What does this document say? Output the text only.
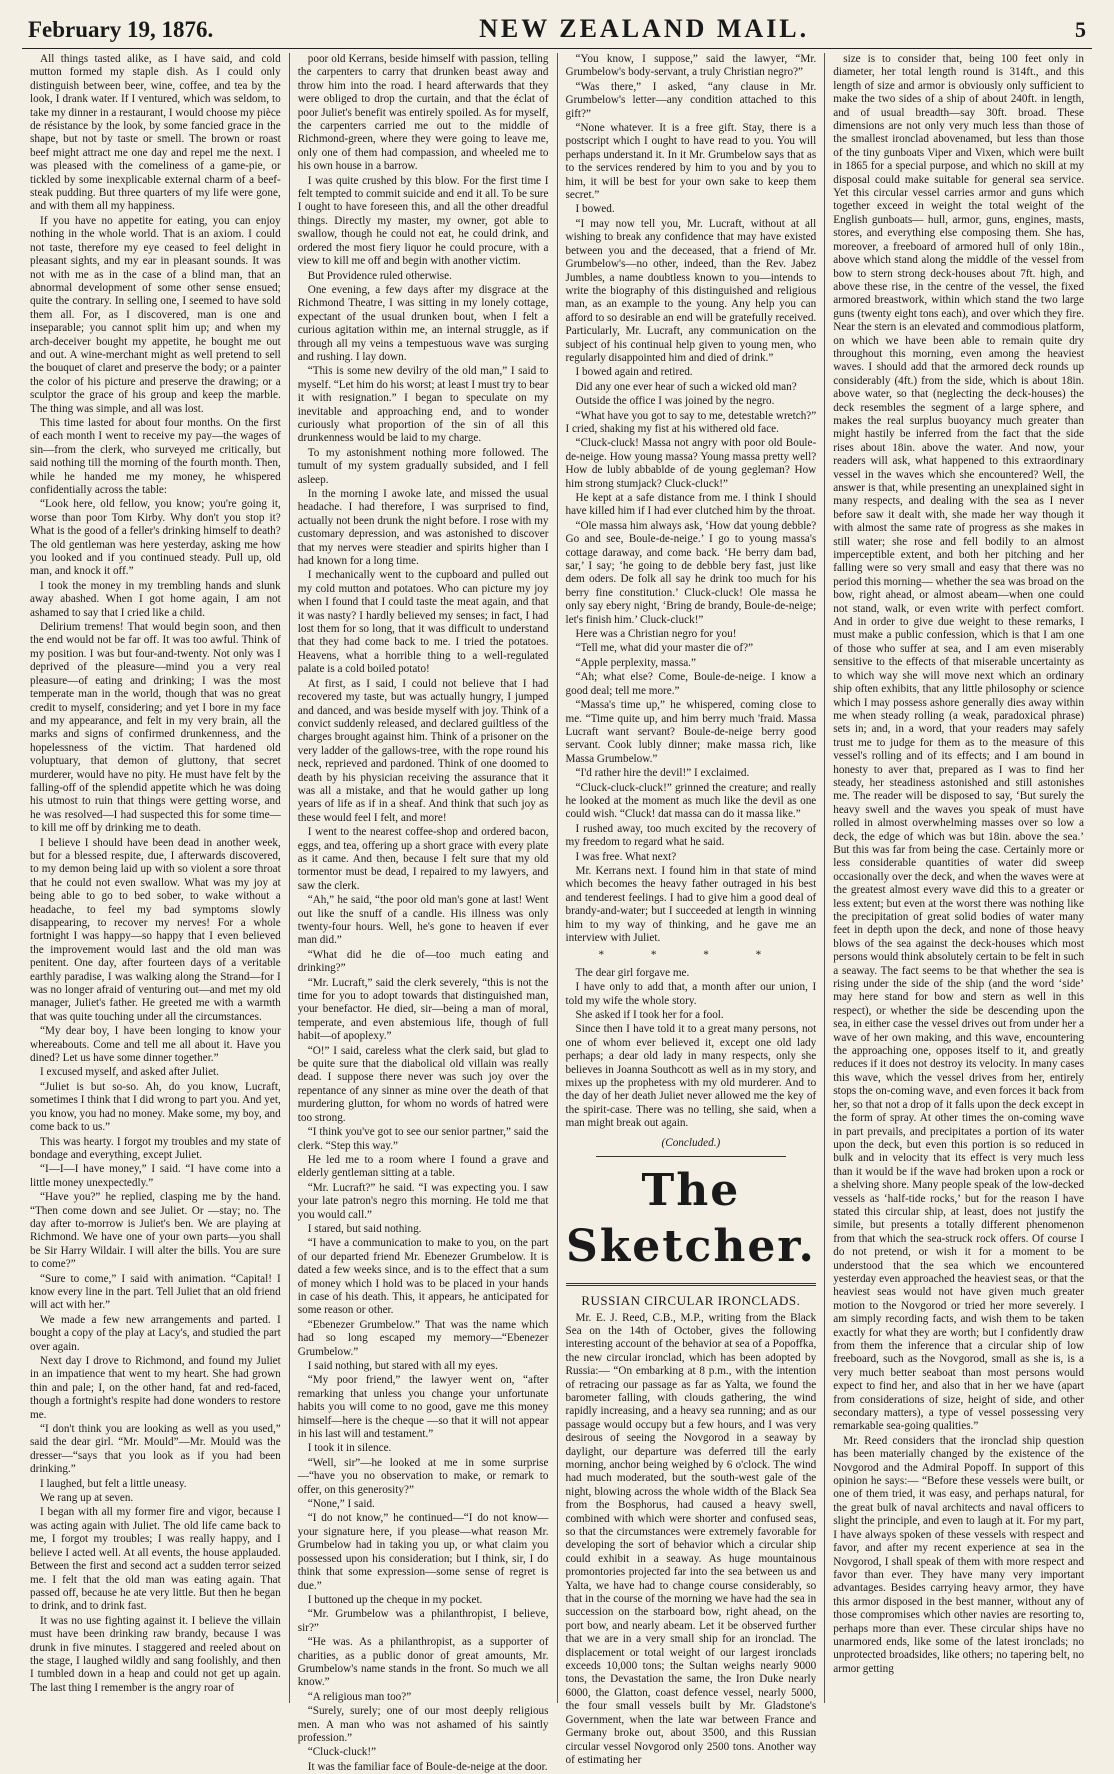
February 19, 1876.	NEW ZEALAND MAIL.	5

All things tasted alike, as I have said, and cold mutton formed my staple dish. As I could only distinguish between beer, wine, coffee, and tea by the look, I drank water. If I ventured, which was seldom, to take my dinner in a restaurant, I would choose my pièce de résistance by the look, by some fancied grace in the shape, but not by taste or smell. The brown or roast beef might attract me one day and repel me the next. I was pleased with the comeliness of a game-pie, or tickled by some inexplicable external charm of a beef-steak pudding. But three quarters of my life were gone, and with them all my happiness.

If you have no appetite for eating, you can enjoy nothing in the whole world. That is an axiom. I could not taste, therefore my eye ceased to feel delight in pleasant sights, and my ear in pleasant sounds. It was not with me as in the case of a blind man, that an abnormal development of some other sense ensued; quite the contrary. In selling one, I seemed to have sold them all. For, as I discovered, man is one and inseparable; you cannot split him up; and when my arch-deceiver bought my appetite, he bought me out and out. A wine-merchant might as well pretend to sell the bouquet of claret and preserve the body; or a painter the color of his picture and preserve the drawing; or a sculptor the grace of his group and keep the marble. The thing was simple, and all was lost.

This time lasted for about four months. On the first of each month I went to receive my pay—the wages of sin—from the clerk, who surveyed me critically, but said nothing till the morning of the fourth month. Then, while he handed me my money, he whispered confidentially across the table:

“Look here, old fellow, you know; you're going it, worse than poor Tom Kirby. Why don't you stop it? What is the good of a feller's drinking himself to death? The old gentleman was here yesterday, asking me how you looked and if you continued steady. Pull up, old man, and knock it off.”

I took the money in my trembling hands and slunk away abashed. When I got home again, I am not ashamed to say that I cried like a child.

Delirium tremens! That would begin soon, and then the end would not be far off. It was too awful. Think of my position. I was but four-and-twenty. Not only was I deprived of the pleasure—mind you a very real pleasure—of eating and drinking; I was the most temperate man in the world, though that was no great credit to myself, considering; and yet I bore in my face and my appearance, and felt in my very brain, all the marks and signs of confirmed drunkenness, and the hopelessness of the victim. That hardened old voluptuary, that demon of gluttony, that secret murderer, would have no pity. He must have felt by the falling-off of the splendid appetite which he was doing his utmost to ruin that things were getting worse, and he was resolved—I had suspected this for some time—to kill me off by drinking me to death.

I believe I should have been dead in another week, but for a blessed respite, due, I afterwards discovered, to my demon being laid up with so violent a sore throat that he could not even swallow. What was my joy at being able to go to bed sober, to wake without a headache, to feel my bad symptoms slowly disappearing, to recover my nerves! For a whole fortnight I was happy—so happy that I even believed the improvement would last and the old man was penitent. One day, after fourteen days of a veritable earthly paradise, I was walking along the Strand—for I was no longer afraid of venturing out—and met my old manager, Juliet's father. He greeted me with a warmth that was quite touching under all the circumstances.

“My dear boy, I have been longing to know your whereabouts. Come and tell me all about it. Have you dined? Let us have some dinner together.”

I excused myself, and asked after Juliet.

“Juliet is but so-so. Ah, do you know, Lucraft, sometimes I think that I did wrong to part you. And yet, you know, you had no money. Make some, my boy, and come back to us.”

This was hearty. I forgot my troubles and my state of bondage and everything, except Juliet.

“I—I—I have money,” I said. “I have come into a little money unexpectedly.”

“Have you?” he replied, clasping me by the hand. “Then come down and see Juliet. Or —stay; no. The day after to-morrow is Juliet's ben. We are playing at Richmond. We have one of your own parts—you shall be Sir Harry Wildair. I will alter the bills. You are sure to come?”

“Sure to come,” I said with animation. “Capital! I know every line in the part. Tell Juliet that an old friend will act with her.”

We made a few new arrangements and parted. I bought a copy of the play at Lacy's, and studied the part over again.

Next day I drove to Richmond, and found my Juliet in an impatience that went to my heart. She had grown thin and pale; I, on the other hand, fat and red-faced, though a fortnight's respite had done wonders to restore me.

“I don't think you are looking as well as you used,” said the dear girl. “Mr. Mould”—Mr. Mould was the dresser—“says that you look as if you had been drinking.”

I laughed, but felt a little uneasy.

We rang up at seven.

I began with all my former fire and vigor, because I was acting again with Juliet. The old life came back to me, I forgot my troubles; I was really happy, and I believe I acted well. At all events, the house applauded. Between the first and second act a sudden terror seized me. I felt that the old man was eating again. That passed off, because he ate very little. But then he began to drink, and to drink fast.

It was no use fighting against it. I believe the villain must have been drinking raw brandy, because I was drunk in five minutes. I staggered and reeled about on the stage, I laughed wildly and sang foolishly, and then I tumbled down in a heap and could not get up again. The last thing I remember is the angry roar of

poor old Kerrans, beside himself with passion, telling the carpenters to carry that drunken beast away and throw him into the road. I heard afterwards that they were obliged to drop the curtain, and that the éclat of poor Juliet's benefit was entirely spoiled. As for myself, the carpenters carried me out to the middle of Richmond-green, where they were going to leave me, only one of them had compassion, and wheeled me to his own house in a barrow.

I was quite crushed by this blow. For the first time I felt tempted to commit suicide and end it all. To be sure I ought to have foreseen this, and all the other dreadful things. Directly my master, my owner, got able to swallow, though he could not eat, he could drink, and ordered the most fiery liquor he could procure, with a view to kill me off and begin with another victim.

But Providence ruled otherwise.

One evening, a few days after my disgrace at the Richmond Theatre, I was sitting in my lonely cottage, expectant of the usual drunken bout, when I felt a curious agitation within me, an internal struggle, as if through all my veins a tempestuous wave was surging and rushing. I lay down.

“This is some new devilry of the old man,” I said to myself. “Let him do his worst; at least I must try to bear it with resignation.” I began to speculate on my inevitable and approaching end, and to wonder curiously what proportion of the sin of all this drunkenness would be laid to my charge.

To my astonishment nothing more followed. The tumult of my system gradually subsided, and I fell asleep.

In the morning I awoke late, and missed the usual headache. I had therefore, I was surprised to find, actually not been drunk the night before. I rose with my customary depression, and was astonished to discover that my nerves were steadier and spirits higher than I had known for a long time.

I mechanically went to the cupboard and pulled out my cold mutton and potatoes. Who can picture my joy when I found that I could taste the meat again, and that it was nasty? I hardly believed my senses; in fact, I had lost them for so long, that it was difficult to understand that they had come back to me. I tried the potatoes. Heavens, what a horrible thing to a well-regulated palate is a cold boiled potato!

At first, as I said, I could not believe that I had recovered my taste, but was actually hungry, I jumped and danced, and was beside myself with joy. Think of a convict suddenly released, and declared guiltless of the charges brought against him. Think of a prisoner on the very ladder of the gallows-tree, with the rope round his neck, reprieved and pardoned. Think of one doomed to death by his physician receiving the assurance that it was all a mistake, and that he would gather up long years of life as if in a sheaf. And think that such joy as these would feel I felt, and more!

I went to the nearest coffee-shop and ordered bacon, eggs, and tea, offering up a short grace with every plate as it came. And then, because I felt sure that my old tormentor must be dead, I repaired to my lawyers, and saw the clerk.

“Ah,” he said, “the poor old man's gone at last! Went out like the snuff of a candle. His illness was only twenty-four hours. Well, he's gone to heaven if ever man did.”

“What did he die of—too much eating and drinking?”

“Mr. Lucraft,” said the clerk severely, “this is not the time for you to adopt towards that distinguished man, your benefactor. He died, sir—being a man of moral, temperate, and even abstemious life, though of full habit—of apoplexy.”

“O!” I said, careless what the clerk said, but glad to be quite sure that the diabolical old villain was really dead. I suppose there never was such joy over the repentance of any sinner as mine over the death of that murdering glutton, for whom no words of hatred were too strong.

“I think you've got to see our senior partner,” said the clerk. “Step this way.”

He led me to a room where I found a grave and elderly gentleman sitting at a table.

“Mr. Lucraft?” he said. “I was expecting you. I saw your late patron's negro this morning. He told me that you would call.”

I stared, but said nothing.

“I have a communication to make to you, on the part of our departed friend Mr. Ebenezer Grumbelow. It is dated a few weeks since, and is to the effect that a sum of money which I hold was to be placed in your hands in case of his death. This, it appears, he anticipated for some reason or other.

“Ebenezer Grumbelow.” That was the name which had so long escaped my memory—“Ebenezer Grumbelow.”

I said nothing, but stared with all my eyes.

“My poor friend,” the lawyer went on, “after remarking that unless you change your unfortunate habits you will come to no good, gave me this money himself—here is the cheque —so that it will not appear in his last will and testament.”

I took it in silence.

“Well, sir”—he looked at me in some surprise—“have you no observation to make, or remark to offer, on this generosity?”

“None,” I said.

“I do not know,” he continued—“I do not know—your signature here, if you please—what reason Mr. Grumbelow had in taking you up, or what claim you possessed upon his consideration; but I think, sir, I do think that some expression—some sense of regret is due.”

I buttoned up the cheque in my pocket.

“Mr. Grumbelow was a philanthropist, I believe, sir?”

“He was. As a philanthropist, as a supporter of charities, as a public donor of great amounts, Mr. Grumbelow's name stands in the front. So much we all know.”

“A religious man too?”

“Surely, surely; one of our most deeply religious men. A man who was not ashamed of his saintly profession.”

“Cluck-cluck!”

It was the familiar face of Boule-de-neige at the door.

“You know, I suppose,” said the lawyer, “Mr. Grumbelow's body-servant, a truly Christian negro?”

“Was there,” I asked, “any clause in Mr. Grumbelow's letter—any condition attached to this gift?”

“None whatever. It is a free gift. Stay, there is a postscript which I ought to have read to you. You will perhaps understand it. In it Mr. Grumbelow says that as to the services rendered by him to you and by you to him, it will be best for your own sake to keep them secret.”

I bowed.

“I may now tell you, Mr. Lucraft, without at all wishing to break any confidence that may have existed between you and the deceased, that a friend of Mr. Grumbelow's—no other, indeed, than the Rev. Jabez Jumbles, a name doubtless known to you—intends to write the biography of this distinguished and religious man, as an example to the young. Any help you can afford to so desirable an end will be gratefully received. Particularly, Mr. Lucraft, any communication on the subject of his continual help given to young men, who regularly disappointed him and died of drink.”

I bowed again and retired.

Did any one ever hear of such a wicked old man?

Outside the office I was joined by the negro.

“What have you got to say to me, detestable wretch?” I cried, shaking my fist at his withered old face.

“Cluck-cluck! Massa not angry with poor old Boule-de-neige. How young massa? Young massa pretty well? How de lubly abbablde of de young gegleman? How him strong stumjack? Cluck-cluck!”

He kept at a safe distance from me. I think I should have killed him if I had ever clutched him by the throat.

“Ole massa him always ask, ‘How dat young debble? Go and see, Boule-de-neige.’ I go to young massa's cottage daraway, and come back. ‘He berry dam bad, sar,’ I say; ‘he going to de debble bery fast, just like dem oders. De folk all say he drink too much for his berry fine constitution.’ Cluck-cluck! Ole massa he only say ebery night, ‘Bring de brandy, Boule-de-neige; let's finish him.’ Cluck-cluck!”

Here was a Christian negro for you!

“Tell me, what did your master die of?”

“Apple perplexity, massa.”

“Ah; what else? Come, Boule-de-neige. I know a good deal; tell me more.”

“Massa's time up,” he whispered, coming close to me. “Time quite up, and him berry much 'fraid. Massa Lucraft want servant? Boule-de-neige berry good servant. Cook lubly dinner; make massa rich, like Massa Grumbelow.”

“I'd rather hire the devil!” I exclaimed.

“Cluck-cluck-cluck!” grinned the creature; and really he looked at the moment as much like the devil as one could wish. “Cluck! dat massa can do it massa like.”

I rushed away, too much excited by the recovery of my freedom to regard what he said.

I was free. What next?

Mr. Kerrans next. I found him in that state of mind which becomes the heavy father outraged in his best and tenderest feelings. I had to give him a good deal of brandy-and-water; but I succeeded at length in winning him to my way of thinking, and he gave me an interview with Juliet.

* * * *

The dear girl forgave me.

I have only to add that, a month after our union, I told my wife the whole story.

She asked if I took her for a fool.

Since then I have told it to a great many persons, not one of whom ever believed it, except one old lady perhaps; a dear old lady in many respects, only she believes in Joanna Southcott as well as in my story, and mixes up the prophetess with my old murderer. And to the day of her death Juliet never allowed me the key of the spirit-case. There was no telling, she said, when a man might break out again.

(Concluded.)
The Sketcher.
RUSSIAN CIRCULAR IRONCLADS.

Mr. E. J. Reed, C.B., M.P., writing from the Black Sea on the 14th of October, gives the following interesting account of the behavior at sea of a Popoffka, the new circular ironclad, which has been adopted by Russia:— “On embarking at 8 p.m., with the intention of retracing our passage as far as Yalta, we found the barometer falling, with clouds gathering, the wind rapidly increasing, and a heavy sea running; and as our passage would occupy but a few hours, and I was very desirous of seeing the Novgorod in a seaway by daylight, our departure was deferred till the early morning, anchor being weighed by 6 o'clock. The wind had much moderated, but the south-west gale of the night, blowing across the whole width of the Black Sea from the Bosphorus, had caused a heavy swell, combined with which were shorter and confused seas, so that the circumstances were extremely favorable for developing the sort of behavior which a circular ship could exhibit in a seaway. As huge mountainous promontories projected far into the sea between us and Yalta, we have had to change course considerably, so that in the course of the morning we have had the sea in succession on the starboard bow, right ahead, on the port bow, and nearly abeam. Let it be observed further that we are in a very small ship for an ironclad. The displacement or total weight of our largest ironclads exceeds 10,000 tons; the Sultan weighs nearly 9000 tons, the Devastation the same, the Iron Duke nearly 6000, the Glatton, coast defence vessel, nearly 5000, the four small vessels built by Mr. Gladstone's Government, when the late war between France and Germany broke out, about 3500, and this Russian circular vessel Novgorod only 2500 tons. Another way of estimating her

size is to consider that, being 100 feet only in diameter, her total length round is 314ft., and this length of size and armor is obviously only sufficient to make the two sides of a ship of about 240ft. in length, and of usual breadth—say 30ft. broad. These dimensions are not only very much less than those of the smallest ironclad abovenamed, but less than those of the tiny gunboats Viper and Vixen, which were built in 1865 for a special purpose, and which no skill at my disposal could make suitable for general sea service. Yet this circular vessel carries armor and guns which together exceed in weight the total weight of the English gunboats— hull, armor, guns, engines, masts, stores, and everything else composing them. She has, moreover, a freeboard of armored hull of only 18in., above which stand along the middle of the vessel from bow to stern strong deck-houses about 7ft. high, and above these rise, in the centre of the vessel, the fixed armored breastwork, within which stand the two large guns (twenty eight tons each), and over which they fire. Near the stern is an elevated and commodious platform, on which we have been able to remain quite dry throughout this morning, even among the heaviest waves. I should add that the armored deck rounds up considerably (4ft.) from the side, which is about 18in. above water, so that (neglecting the deck-houses) the deck resembles the segment of a large sphere, and makes the real surplus buoyancy much greater than might hastily be inferred from the fact that the side rises about 18in. above the water. And now, your readers will ask, what happened to this extraordinary vessel in the waves which she encountered? Well, the answer is that, while presenting an unexplained sight in many respects, and dealing with the sea as I never before saw it dealt with, she made her way though it with almost the same rate of progress as she makes in still water; she rose and fell bodily to an almost imperceptible extent, and both her pitching and her falling were so very small and easy that there was no period this morning— whether the sea was broad on the bow, right ahead, or almost abeam—when one could not stand, walk, or even write with perfect comfort. And in order to give due weight to these remarks, I must make a public confession, which is that I am one of those who suffer at sea, and I am even miserably sensitive to the effects of that miserable uncertainty as to which way she will move next which an ordinary ship often exhibits, that any little philosophy or science which I may possess ashore generally dies away within me when steady rolling (a weak, paradoxical phrase) sets in; and, in a word, that your readers may safely trust me to judge for them as to the measure of this vessel's rolling and of its effects; and I am bound in honesty to aver that, prepared as I was to find her steady, her steadiness astonished and still astonishes me. The reader will be disposed to say, ‘But surely the heavy swell and the waves you speak of must have rolled in almost overwhelming masses over so low a deck, the edge of which was but 18in. above the sea.’ But this was far from being the case. Certainly more or less considerable quantities of water did sweep occasionally over the deck, and when the waves were at the greatest almost every wave did this to a greater or less extent; but even at the worst there was nothing like the precipitation of great solid bodies of water many feet in depth upon the deck, and none of those heavy blows of the sea against the deck-houses which most persons would think absolutely certain to be felt in such a seaway. The fact seems to be that whether the sea is rising under the side of the ship (and the word ‘side’ may here stand for bow and stern as well in this respect), or whether the side be descending upon the sea, in either case the vessel drives out from under her a wave of her own making, and this wave, encountering the approaching one, opposes itself to it, and greatly reduces if it does not destroy its velocity. In many cases this wave, which the vessel drives from her, entirely stops the on-coming wave, and even forces it back from her, so that not a drop of it falls upon the deck except in the form of spray. At other times the on-coming wave in part prevails, and precipitates a portion of its water upon the deck, but even this portion is so reduced in bulk and in velocity that its effect is very much less than it would be if the wave had broken upon a rock or a shelving shore. Many people speak of the low-decked vessels as ‘half-tide rocks,’ but for the reason I have stated this circular ship, at least, does not justify the simile, but presents a totally different phenomenon from that which the sea-struck rock offers. Of course I do not pretend, or wish it for a moment to be understood that the sea which we encountered yesterday even approached the heaviest seas, or that the heaviest seas would not have given much greater motion to the Novgorod or tried her more severely. I am simply recording facts, and wish them to be taken exactly for what they are worth; but I confidently draw from them the inference that a circular ship of low freeboard, such as the Novgorod, small as she is, is a very much better seaboat than most persons would expect to find her, and also that in her we have (apart from considerations of size, height of side, and other secondary matters), a type of vessel possessing very remarkable sea-going qualities.”

Mr. Reed considers that the ironclad ship question has been materially changed by the existence of the Novgorod and the Admiral Popoff. In support of this opinion he says:— “Before these vessels were built, or one of them tried, it was easy, and perhaps natural, for the great bulk of naval architects and naval officers to slight the principle, and even to laugh at it. For my part, I have always spoken of these vessels with respect and favor, and after my recent experience at sea in the Novgorod, I shall speak of them with more respect and favor than ever. They have many very important advantages. Besides carrying heavy armor, they have this armor disposed in the best manner, without any of those compromises which other navies are resorting to, perhaps more than ever. These circular ships have no unarmored ends, like some of the latest ironclads; no unprotected broadsides, like others; no tapering belt, no armor getting
